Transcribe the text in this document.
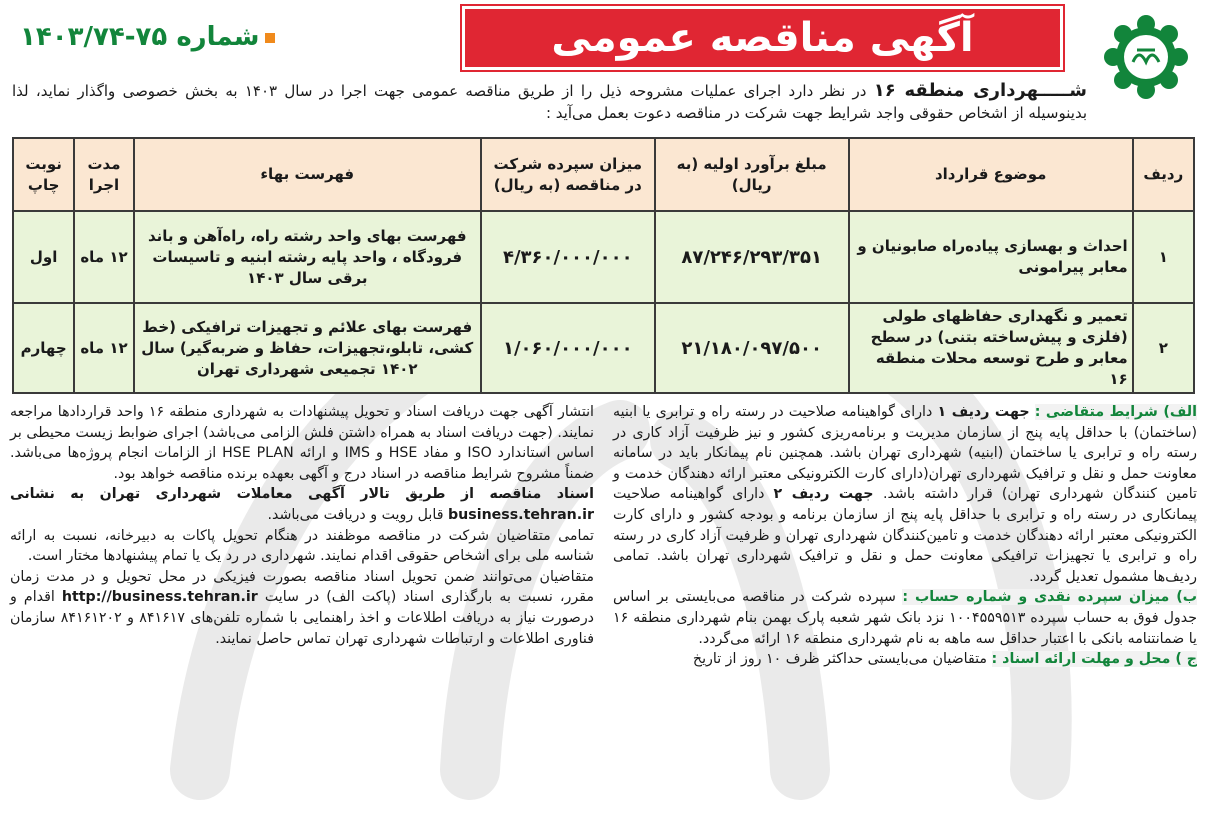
آگهی مناقصه عمومی
شماره ۷۵-۱۴۰۳/۷۴
شـــــهرداری منطقه ۱۶ در نظر دارد اجرای عملیات مشروحه ذیل را از طریق مناقصه عمومی جهت اجرا در سال ۱۴۰۳ به بخش خصوصی واگذار نماید، لذا بدینوسیله از اشخاص حقوقی واجد شرایط جهت شرکت در مناقصه دعوت بعمل می‌آید :
ردیف	موضوع قرارداد	مبلغ برآورد اولیه (به ریال)	میزان سپرده شرکت در مناقصه (به ریال)	فهرست بهاء	مدت اجرا	نوبت چاپ
۱	احداث و بهسازی پیاده‌راه صابونیان و معابر پیرامونی	۸۷/۲۴۶/۲۹۳/۳۵۱	۴/۳۶۰/۰۰۰/۰۰۰	فهرست بهای واحد رشته راه، راه‌آهن و باند فرودگاه ، واحد پایه رشته ابنیه و تاسیسات برقی سال ۱۴۰۳	۱۲ ماه	اول
۲	تعمیر و نگهداری حفاظهای طولی (فلزی و پیش‌ساخته بتنی) در سطح معابر و طرح توسعه محلات منطقه ۱۶	۲۱/۱۸۰/۰۹۷/۵۰۰	۱/۰۶۰/۰۰۰/۰۰۰	فهرست بهای علائم و تجهیزات ترافیکی (خط کشی، تابلو،تجهیزات، حفاظ و ضربه‌گیر) سال ۱۴۰۲ تجمیعی شهرداری تهران	۱۲ ماه	چهارم

الف) شرایط متقاضی : جهت ردیف ۱ دارای گواهینامه صلاحیت در رسته راه و ترابری یا ابنیه (ساختمان) با حداقل پایه پنج از سازمان مدیریت و برنامه‌ریزی کشور و نیز ظرفیت آزاد کاری در رسته راه و ترابری یا ساختمان (ابنیه) شهرداری تهران باشد. همچنین نام پیمانکار باید در سامانه معاونت حمل و نقل و ترافیک شهرداری تهران(دارای کارت الکترونیکی معتبر ارائه دهندگان خدمت و تامین کنندگان شهرداری تهران) قرار داشته باشد. جهت ردیف ۲ دارای گواهینامه صلاحیت پیمانکاری در رسته راه و ترابری با حداقل پایه پنج از سازمان برنامه و بودجه کشور و دارای کارت الکترونیکی معتبر ارائه دهندگان خدمت و تامین‌کنندگان شهرداری تهران و ظرفیت آزاد کاری در رسته راه و ترابری یا تجهیزات ترافیکی معاونت حمل و نقل و ترافیک شهرداری تهران باشد. تمامی ردیف‌ها مشمول تعدیل گردد.

ب) میزان سپرده نقدی و شماره حساب : سپرده شرکت در مناقصه می‌بایستی بر اساس جدول فوق به حساب سپرده ۱۰۰۴۵۵۹۵۱۳ نزد بانک شهر شعبه پارک بهمن بنام شهرداری منطقه ۱۶ یا ضمانتنامه بانکی با اعتبار حداقل سه ماهه به نام شهرداری منطقه ۱۶ ارائه می‌گردد.

ج ) محل و مهلت ارائه اسناد : متقاضیان می‌بایستی حداکثر ظرف ۱۰ روز از تاریخ

انتشار آگهی جهت دریافت اسناد و تحویل پیشنهادات به شهرداری منطقه ۱۶ واحد قراردادها مراجعه نمایند. (جهت دریافت اسناد به همراه داشتن فلش الزامی می‌باشد) اجرای ضوابط زیست محیطی بر اساس استاندارد ISO و مفاد HSE و IMS و ارائه HSE PLAN از الزامات انجام پروژه‌ها می‌باشد. ضمناً مشروح شرایط مناقصه در اسناد درج و آگهی بعهده برنده مناقصه خواهد بود.

اسناد مناقصه از طریق تالار آگهی معاملات شهرداری تهران به نشانی business.tehran.ir قابل رویت و دریافت می‌باشد.

تمامی متقاضیان شرکت در مناقصه موظفند در هنگام تحویل پاکات به دبیرخانه، نسبت به ارائه شناسه ملی برای اشخاص حقوقی اقدام نمایند. شهرداری در رد یک یا تمام پیشنهادها مختار است.

متقاضیان می‌توانند ضمن تحویل اسناد مناقصه بصورت فیزیکی در محل تحویل و در مدت زمان مقرر، نسبت به بارگذاری اسناد (پاکت الف) در سایت http://business.tehran.ir اقدام و درصورت نیاز به دریافت اطلاعات و اخذ راهنمایی با شماره تلفن‌های ۸۴۱۶۱۷ و ۸۴۱۶۱۲۰۲ سازمان فناوری اطلاعات و ارتباطات شهرداری تهران تماس حاصل نمایند.
